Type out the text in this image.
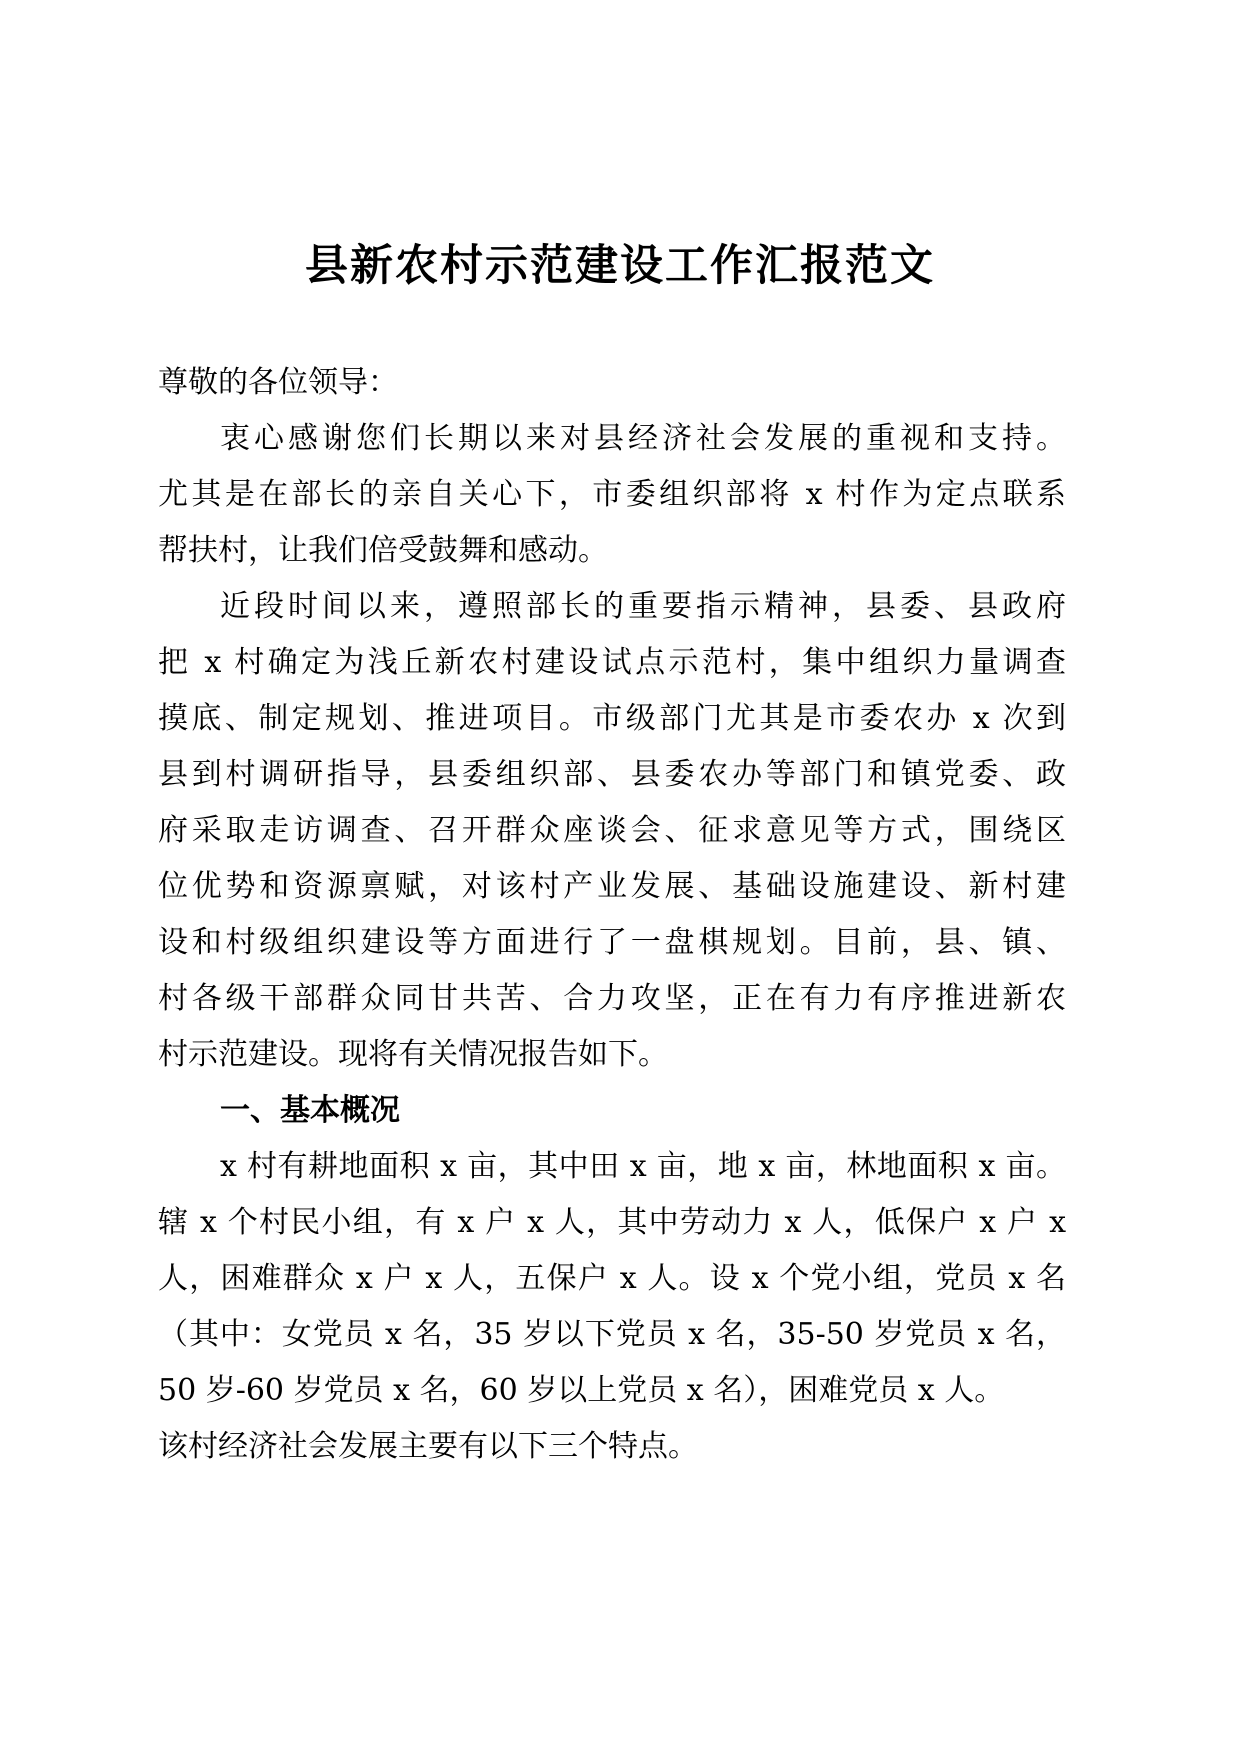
县新农村示范建设工作汇报范文

尊敬的各位领导：

衷心感谢您们长期以来对县经济社会发展的重视和支持。

尤其是在部长的亲自关心下，市委组织部将 x 村作为定点联系

帮扶村，让我们倍受鼓舞和感动。

近段时间以来，遵照部长的重要指示精神，县委、县政府

把 x 村确定为浅丘新农村建设试点示范村，集中组织力量调查

摸底、制定规划、推进项目。市级部门尤其是市委农办 x 次到

县到村调研指导，县委组织部、县委农办等部门和镇党委、政

府采取走访调查、召开群众座谈会、征求意见等方式，围绕区

位优势和资源禀赋，对该村产业发展、基础设施建设、新村建

设和村级组织建设等方面进行了一盘棋规划。目前，县、镇、

村各级干部群众同甘共苦、合力攻坚，正在有力有序推进新农

村示范建设。现将有关情况报告如下。

一、基本概况

x 村有耕地面积 x 亩，其中田 x 亩，地 x 亩，林地面积 x 亩。

辖 x 个村民小组，有 x 户 x 人，其中劳动力 x 人，低保户 x 户 x

人，困难群众 x 户 x 人，五保户 x 人。设 x 个党小组，党员 x 名

（其中：女党员 x 名，35 岁以下党员 x 名，35-50 岁党员 x 名，

50 岁-60 岁党员 x 名，60 岁以上党员 x 名），困难党员 x 人。

该村经济社会发展主要有以下三个特点。
